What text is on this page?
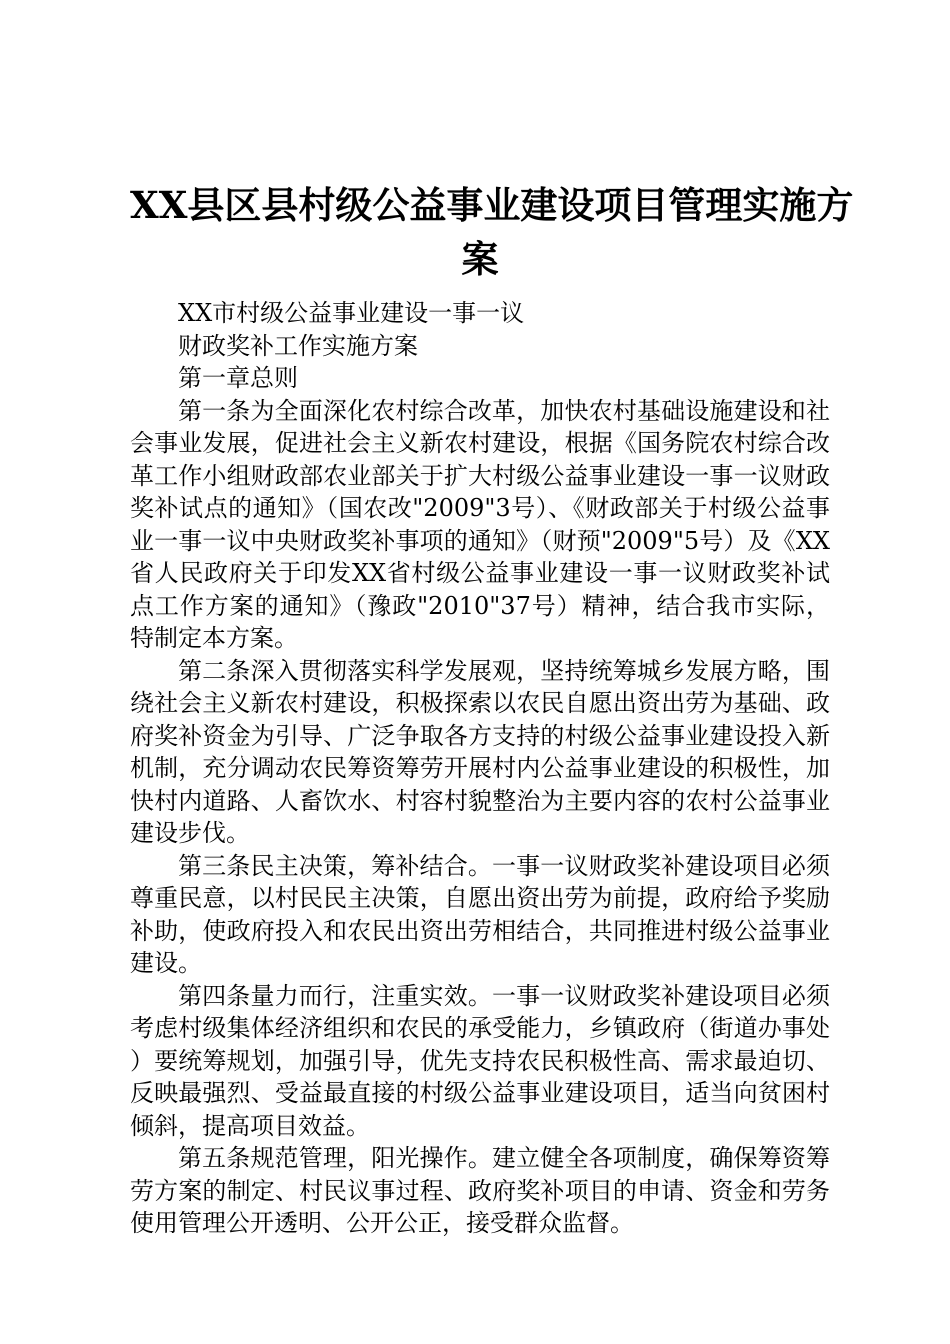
XX县区县村级公益事业建设项目管理实施方
案

XX市村级公益事业建设一事一议

财政奖补工作实施方案

第一章总则

第一条为全面深化农村综合改革，加快农村基础设施建设和社会事业发展，促进社会主义新农村建设，根据《国务院农村综合改革工作小组财政部农业部关于扩大村级公益事业建设一事一议财政奖补试点的通知》（国农改"2009"3号）、《财政部关于村级公益事业一事一议中央财政奖补事项的通知》（财预"2009"5号）及《XX省人民政府关于印发XX省村级公益事业建设一事一议财政奖补试点工作方案的通知》（豫政"2010"37号）精神，结合我市实际，特制定本方案。

第二条深入贯彻落实科学发展观，坚持统筹城乡发展方略，围绕社会主义新农村建设，积极探索以农民自愿出资出劳为基础、政府奖补资金为引导、广泛争取各方支持的村级公益事业建设投入新机制，充分调动农民筹资筹劳开展村内公益事业建设的积极性，加快村内道路、人畜饮水、村容村貌整治为主要内容的农村公益事业建设步伐。

第三条民主决策，筹补结合。一事一议财政奖补建设项目必须尊重民意，以村民民主决策，自愿出资出劳为前提，政府给予奖励补助，使政府投入和农民出资出劳相结合，共同推进村级公益事业建设。

第四条量力而行，注重实效。一事一议财政奖补建设项目必须考虑村级集体经济组织和农民的承受能力，乡镇政府（街道办事处）要统筹规划，加强引导，优先支持农民积极性高、需求最迫切、反映最强烈、受益最直接的村级公益事业建设项目，适当向贫困村倾斜，提高项目效益。

第五条规范管理，阳光操作。建立健全各项制度，确保筹资筹劳方案的制定、村民议事过程、政府奖补项目的申请、资金和劳务使用管理公开透明、公开公正，接受群众监督。
